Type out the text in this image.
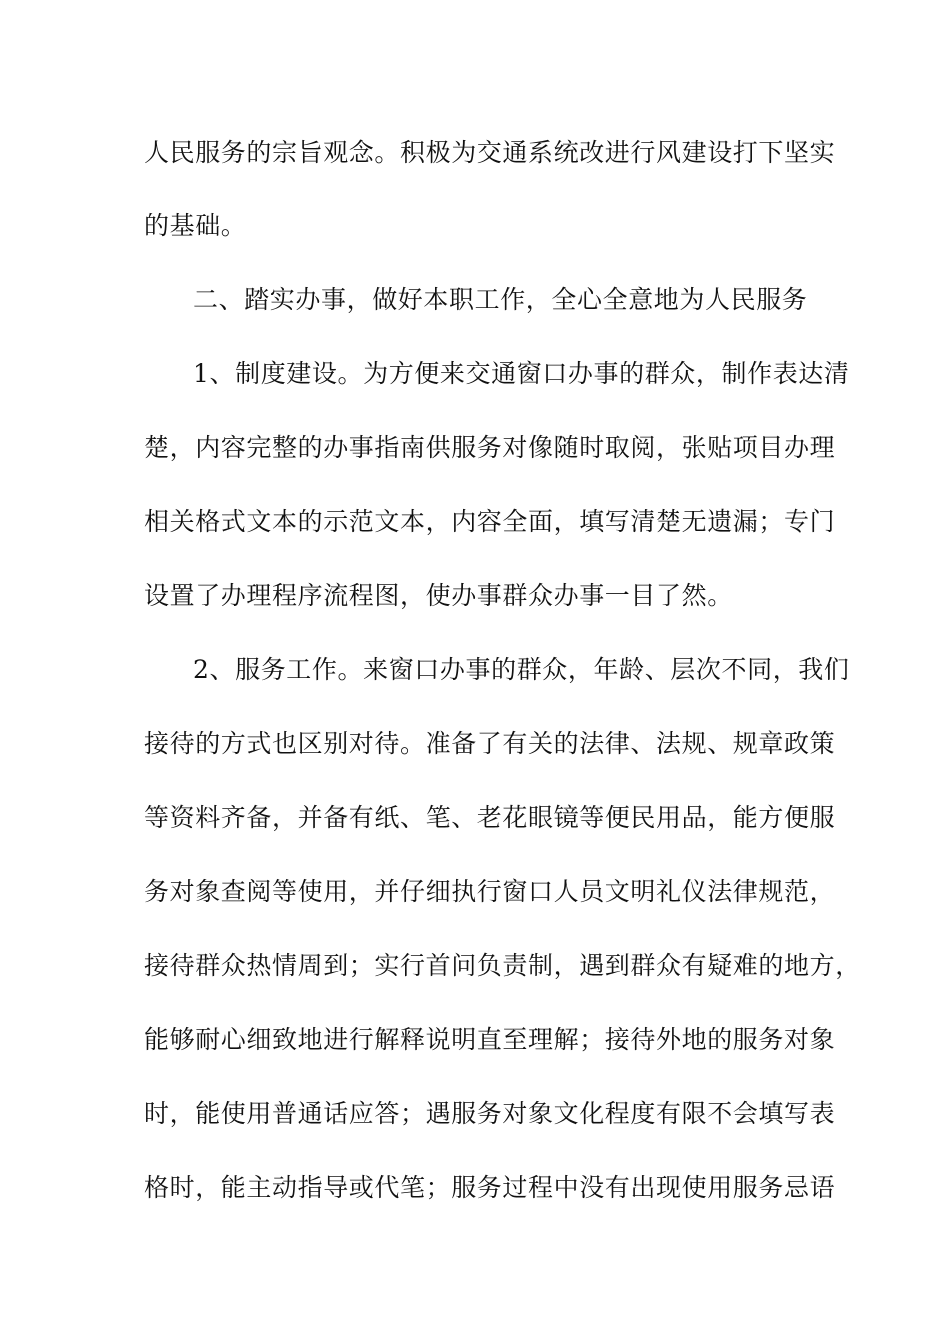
人民服务的宗旨观念。积极为交通系统改进行风建设打下坚实
的基础。
二、踏实办事，做好本职工作，全心全意地为人民服务
1、制度建设。为方便来交通窗口办事的群众，制作表达清
楚，内容完整的办事指南供服务对像随时取阅，张贴项目办理
相关格式文本的示范文本，内容全面，填写清楚无遗漏；专门
设置了办理程序流程图，使办事群众办事一目了然。
2、服务工作。来窗口办事的群众，年龄、层次不同，我们
接待的方式也区别对待。准备了有关的法律、法规、规章政策
等资料齐备，并备有纸、笔、老花眼镜等便民用品，能方便服
务对象查阅等使用，并仔细执行窗口人员文明礼仪法律规范，
接待群众热情周到；实行首问负责制，遇到群众有疑难的地方，
能够耐心细致地进行解释说明直至理解；接待外地的服务对象
时，能使用普通话应答；遇服务对象文化程度有限不会填写表
格时，能主动指导或代笔；服务过程中没有出现使用服务忌语
